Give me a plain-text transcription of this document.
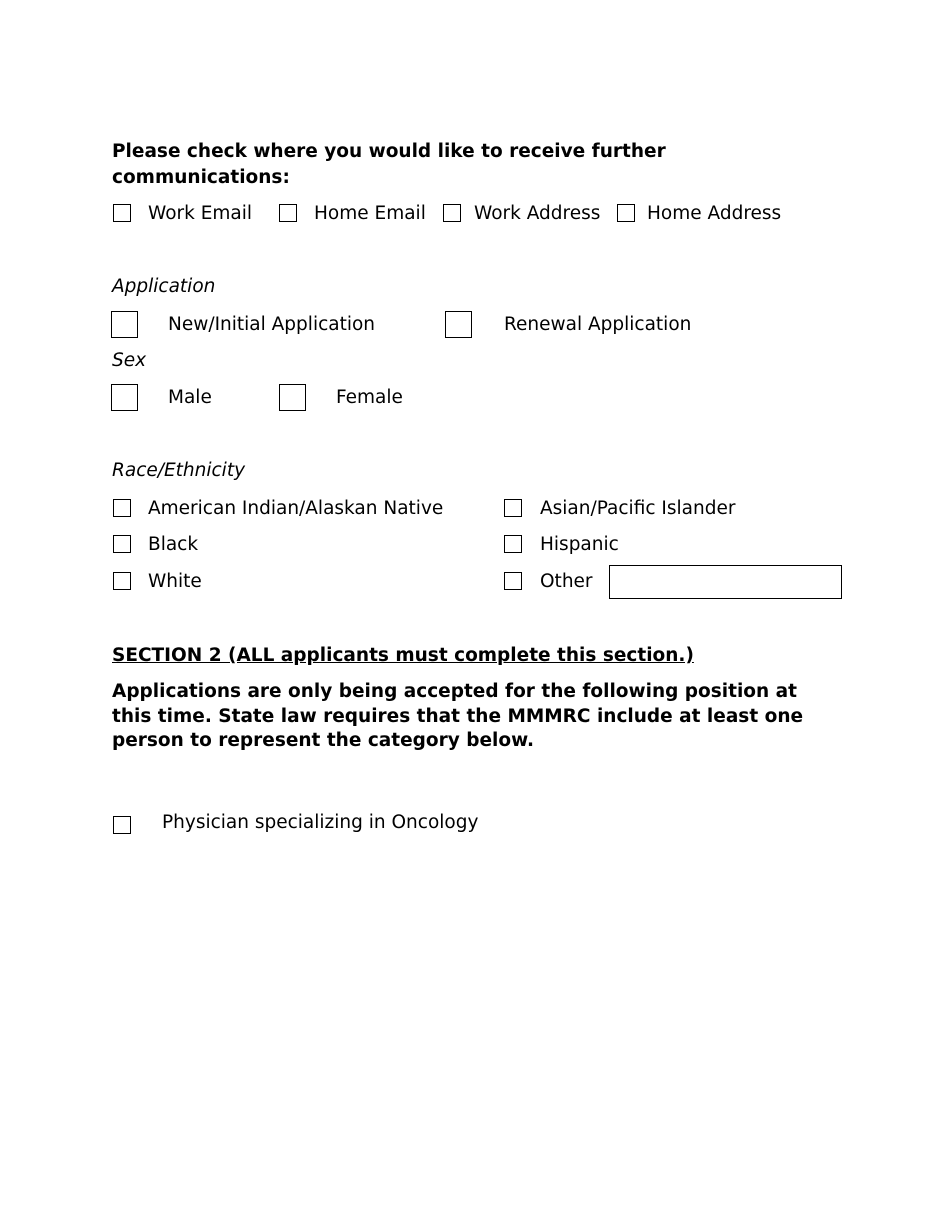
Please check where you would like to receive further communications:
Work Email	Home Email	Work Address	Home Address
Application
New/Initial Application	Renewal Application
Sex
Male	Female
Race/Ethnicity
American Indian/Alaskan Native	Asian/Pacific Islander
Black	Hispanic
White	Other
SECTION 2 (ALL applicants must complete this section.)
Applications are only being accepted for the following position at this time. State law requires that the MMMRC include at least one person to represent the category below.
Physician specializing in Oncology
